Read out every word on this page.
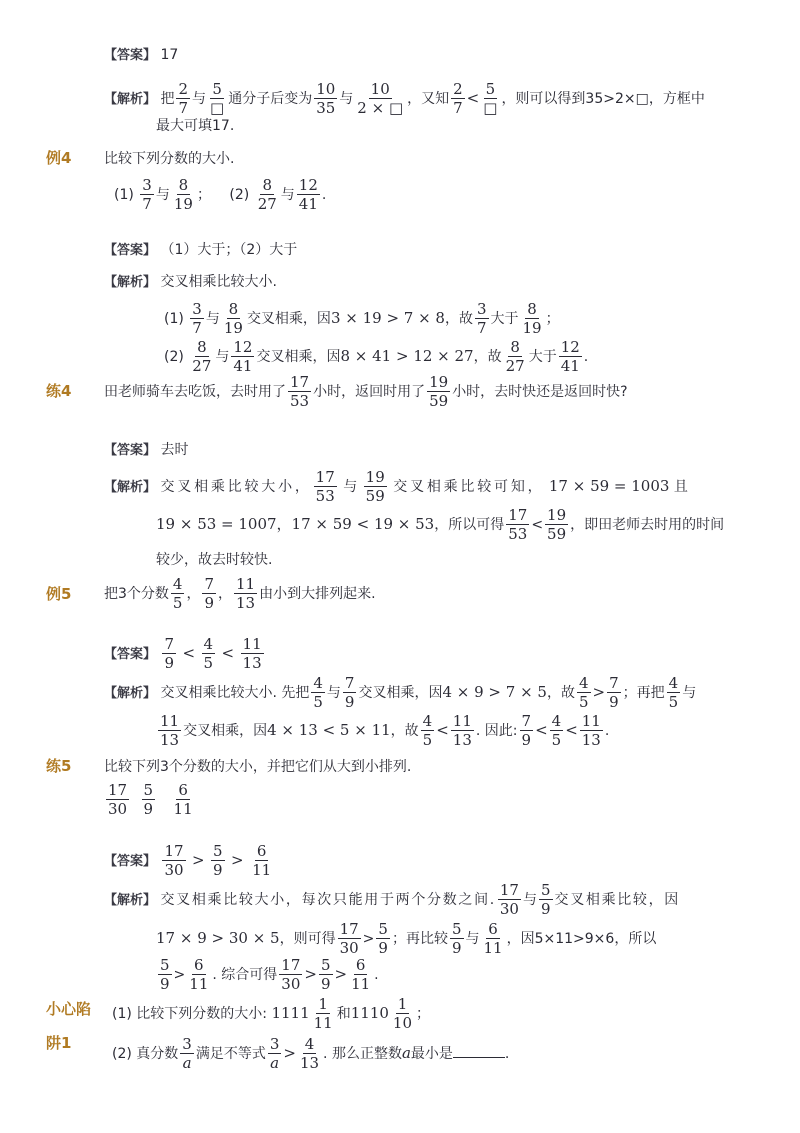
【答案】 17
【解析】 把 $\frac{2}{7}$ 与 $\frac{5}{□}$ 通分子后变为 $\frac{10}{35}$ 与 $\frac{10}{2 \times □}$ ，又知 $\frac{2}{7} < \frac{5}{□}$ ，则可以得到35>2×□，方框中
最大可填17.
例4 比较下列分数的大小.
$(1) \frac{3}{7}$ 与 $\frac{8}{19}$ ； $(2) \frac{8}{27}$ 与 $\frac{12}{41}$ .
【答案】 （1）大于；（2）大于
【解析】 交叉相乘比较大小.
$(1) \frac{3}{7}$ 与 $\frac{8}{19}$ 交叉相乘，因3 × 19 > 7 × 8，故 $\frac{3}{7}$ 大于 $\frac{8}{19}$ ；
$(2) \frac{8}{27}$ 与 $\frac{12}{41}$ 交叉相乘，因8 × 41 > 12 × 27，故 $\frac{8}{27}$ 大于 $\frac{12}{41}$ .
练4 田老师骑车去吃饭，去时用了 $\frac{17}{53}$ 小时，返回时用了 $\frac{19}{59}$ 小时，去时快还是返回时快?
【答案】 去时
【解析】 交叉相乘比较大小， $\frac{17}{53}$ 与 $\frac{19}{59}$ 交叉相乘比较可知， 17 × 59 = 1003 且
19 × 53 = 1007，17 × 59 < 19 × 53，所以可得 $\frac{17}{53} < \frac{19}{59}$ ，即田老师去时用的时间
较少，故去时较快.
例5 把3个分数 $\frac{4}{5}$ ， $\frac{7}{9}$ ， $\frac{11}{13}$ 由小到大排列起来.
【答案】 $\frac{7}{9} < \frac{4}{5} < \frac{11}{13}$
【解析】 交叉相乘比较大小. 先把 $\frac{4}{5}$ 与 $\frac{7}{9}$ 交叉相乘，因4 × 9 > 7 × 5，故 $\frac{4}{5} > \frac{7}{9}$ ；再把 $\frac{4}{5}$ 与
$\frac{11}{13}$ 交叉相乘，因4 × 13 < 5 × 11，故 $\frac{4}{5} < \frac{11}{13}$ . 因此: $\frac{7}{9} < \frac{4}{5} < \frac{11}{13}$ .
练5 比较下列3个分数的大小，并把它们从大到小排列.
$\frac{17}{30}$
$\frac{5}{9}$
$\frac{6}{11}$
【答案】 $\frac{17}{30} > \frac{5}{9} > \frac{6}{11}$
【解析】 交叉相乘比较大小，每次只能用于两个分数之间. $\frac{17}{30}$ 与 $\frac{5}{9}$ 交叉相乘比较，因
17 × 9 > 30 × 5，则可得 $\frac{17}{30} > \frac{5}{9}$ ；再比较 $\frac{5}{9}$ 与 $\frac{6}{11}$ ，因5×11>9×6，所以
$\frac{5}{9} > \frac{6}{11}$ . 综合可得 $\frac{17}{30} > \frac{5}{9} > \frac{6}{11}$ .
小心陷
阱1
(1) 比较下列分数的大小: $1111 \frac{1}{11}$ 和$1110 \frac{1}{10}$ ；
(2) 真分数 $\frac{3}{a}$ 满足不等式 $\frac{3}{a} > \frac{4}{13}$ . 那么正整数a最小是	.
